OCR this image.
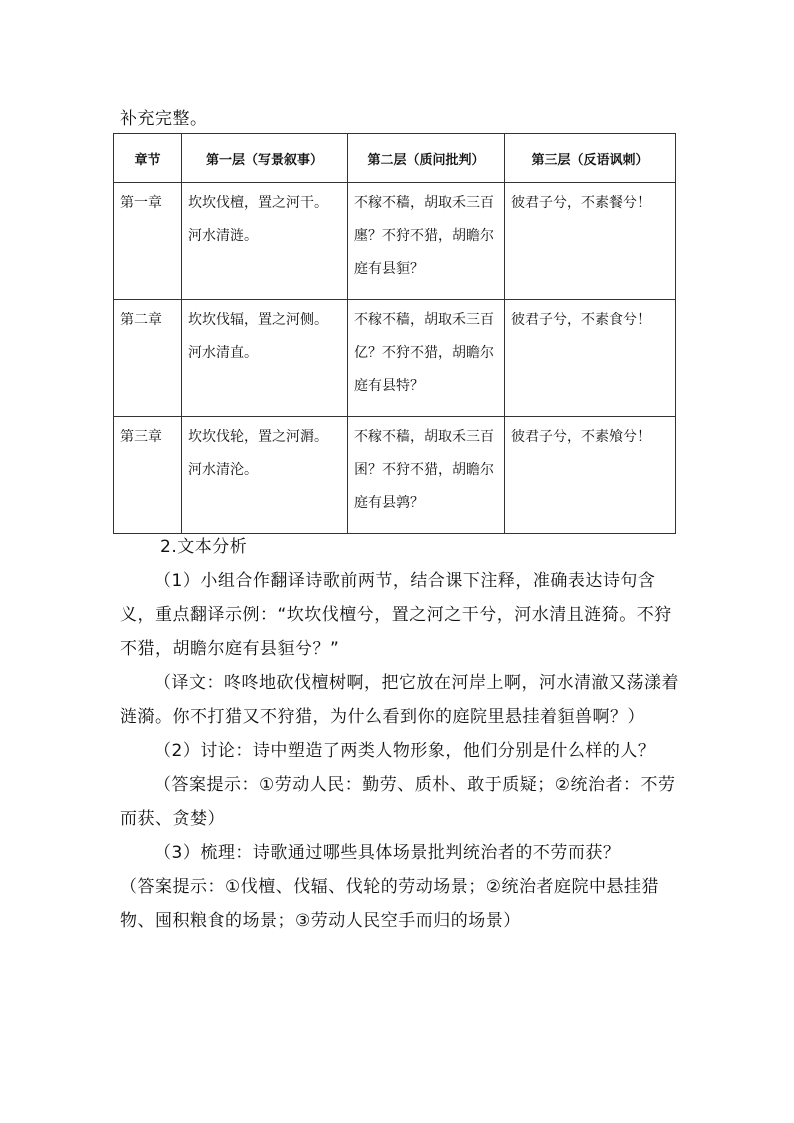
补充完整。
章节	第一层（写景叙事）	第二层（质问批判）	第三层（反语讽刺）
第一章	坎坎伐檀，置之河干。河水清涟。	不稼不穑，胡取禾三百廛？不狩不猎，胡瞻尔庭有县貆？	彼君子兮，不素餐兮！
第二章	坎坎伐辐，置之河侧。河水清直。	不稼不穑，胡取禾三百亿？不狩不猎，胡瞻尔庭有县特？	彼君子兮，不素食兮！
第三章	坎坎伐轮，置之河漘。河水清沦。	不稼不穑，胡取禾三百囷？不狩不猎，胡瞻尔庭有县鹑？	彼君子兮，不素飧兮！

2.文本分析

（1）小组合作翻译诗歌前两节，结合课下注释，准确表达诗句含义，重点翻译示例：“坎坎伐檀兮，置之河之干兮，河水清且涟猗。不狩不猎，胡瞻尔庭有县貆兮？”

（译文：咚咚地砍伐檀树啊，把它放在河岸上啊，河水清澈又荡漾着涟漪。你不打猎又不狩猎，为什么看到你的庭院里悬挂着貆兽啊？）

（2）讨论：诗中塑造了两类人物形象，他们分别是什么样的人？

（答案提示：①劳动人民：勤劳、质朴、敢于质疑；②统治者：不劳而获、贪婪）

（3）梳理：诗歌通过哪些具体场景批判统治者的不劳而获？

（答案提示：①伐檀、伐辐、伐轮的劳动场景；②统治者庭院中悬挂猎物、囤积粮食的场景；③劳动人民空手而归的场景）
